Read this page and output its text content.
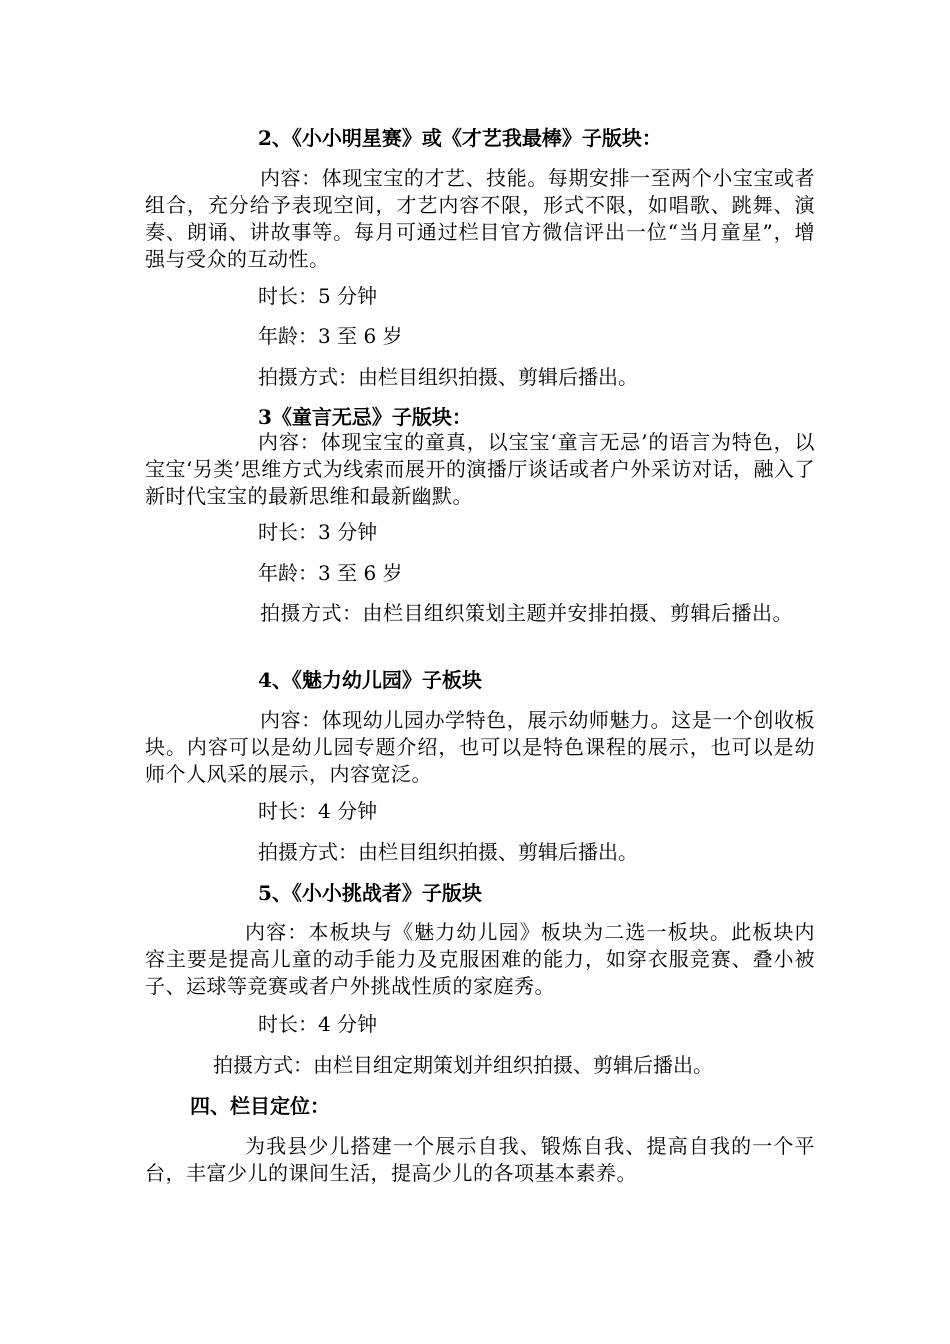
2、《小小明星赛》或《才艺我最棒》子版块：

内容：体现宝宝的才艺、技能。每期安排一至两个小宝宝或者组合，充分给予表现空间，才艺内容不限，形式不限，如唱歌、跳舞、演奏、朗诵、讲故事等。每月可通过栏目官方微信评出一位“当月童星”，增强与受众的互动性。

时长：5 分钟

年龄：3 至 6 岁

拍摄方式：由栏目组织拍摄、剪辑后播出。

3《童言无忌》子版块：

内容：体现宝宝的童真，以宝宝‘童言无忌’的语言为特色，以宝宝‘另类’思维方式为线索而展开的演播厅谈话或者户外采访对话，融入了新时代宝宝的最新思维和最新幽默。

时长：3 分钟

年龄：3 至 6 岁

拍摄方式：由栏目组织策划主题并安排拍摄、剪辑后播出。

4、《魅力幼儿园》子板块

内容：体现幼儿园办学特色，展示幼师魅力。这是一个创收板块。内容可以是幼儿园专题介绍，也可以是特色课程的展示，也可以是幼师个人风采的展示，内容宽泛。

时长：4 分钟

拍摄方式：由栏目组织拍摄、剪辑后播出。

5、《小小挑战者》子版块

内容：本板块与《魅力幼儿园》板块为二选一板块。此板块内容主要是提高儿童的动手能力及克服困难的能力，如穿衣服竞赛、叠小被子、运球等竞赛或者户外挑战性质的家庭秀。

时长：4 分钟

拍摄方式：由栏目组定期策划并组织拍摄、剪辑后播出。

四、栏目定位：

为我县少儿搭建一个展示自我、锻炼自我、提高自我的一个平台，丰富少儿的课间生活，提高少儿的各项基本素养。
